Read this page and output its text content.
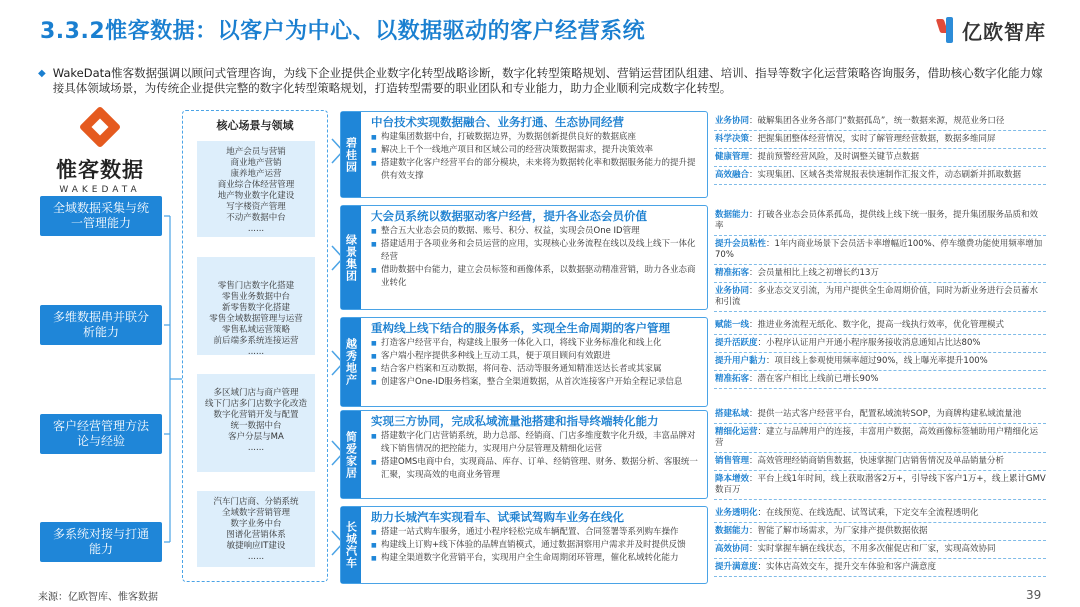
3.3.2惟客数据：以客户为中心、以数据驱动的客户经营系统	亿欧智库
◆ WakeData惟客数据强调以顾问式管理咨询，为线下企业提供企业数字化转型战略诊断，数字化转型策略规划、营销运营团队组建、培训、指导等数字化运营策略咨询服务，借助核心数字化能力嫁接具体领域场景，为传统企业提供完整的数字化转型策略规划，打造转型需要的职业团队和专业能力，助力企业顺利完成数字化转型。

惟客数据
WAKEDATA
全域数据采集与统一管理能力
多维数据串并联分析能力
客户经营管理方法论与经验
多系统对接与打通能力
核心场景与领域
地产会员与营销
商业地产营销
康养地产运营
商业综合体经营管理
地产物业数字化建设
写字楼资产管理
不动产数据中台
......
零售门店数字化搭建
零售业务数据中台
新零售数字化搭建
零售全域数据管理与运营
零售私域运营策略
前后端多系统连接运营
......
多区域门店与商户管理
线下门店多门店数字化改造
数字化营销开发与配置
统一数据中台
客户分层与MA
......
汽车门店商、分销系统
全域数字营销管理
数字业务中台
图谱化营销体系
敏捷响应IT建设
......
碧桂园
中台技术实现数据融合、业务打通、生态协同经营
■ 构建集团数据中台，打破数据边界，为数据创新提供良好的数据底座
■ 解决上千个一线地产项目和区域公司的经营决策数据需求，提升决策效率
■ 搭建数字化客户经营平台的部分模块，未来将为数据转化率和数据服务能力的提升提供有效支撑
绿景集团
大会员系统以数据驱动客户经营，提升各业态会员价值
■ 整合五大业态会员的数据、账号、积分、权益，实现会员One ID管理
■ 搭建适用于各项业务和会员运营的应用，实现核心业务流程在线以及线上线下一体化经营
■ 借助数据中台能力，建立会员标签和画像体系，以数据驱动精准营销，助力各业态商业转化
越秀地产
重构线上线下结合的服务体系，实现全生命周期的客户管理
■ 打造客户经营平台，构建线上服务一体化入口，将线下业务标准化和线上化
■ 客户端小程序提供多种线上互动工具，便于项目顾问有效跟进
■ 结合客户档案和互动数据，将问卷、活动等服务通知精准送达长者或其家属
■ 创建客户One-ID服务档案，整合全渠道数据，从首次连接客户开始全程记录信息
简爱家居
实现三方协同，完成私域流量池搭建和指导终端转化能力
■ 搭建数字化门店营销系统，助力总部、经销商、门店多维度数字化升级，丰富品牌对线下销售情况的把控能力，实现用户分层管理及精细化运营
■ 搭建OMS电商中台，实现商品、库存、订单、经销管理、财务、数据分析、客服统一汇聚，实现高效的电商业务管理
长城汽车
助力长城汽车实现看车、试乘试驾购车业务在线化
■ 搭建一站式购车服务，通过小程序轻松完成车辆配置、合同签署等系列购车操作
■ 构建线上订购+线下体验的品牌直销模式，通过数据洞察用户需求并及时提供反馈
■ 构建全渠道数字化营销平台，实现用户全生命周期闭环管理，催化私域转化能力
业务协同：破解集团各业务各部门“数据孤岛”，统一数据来源，规范业务口径
科学决策：把握集团整体经营情况，实时了解管理经营数据，数据多维同屏
健康管理：提前预警经营风险，及时调整关键节点数据
高效融合：实现集团、区域各类常规报表快速制作汇报文件，动态刷新并抓取数据
数据能力：打破各业态会员体系孤岛，提供线上线下统一服务，提升集团服务品质和效率
提升会员粘性：1年内商业场景下会员活卡率增幅近100%、停车缴费功能使用频率增加70%
精准拓客：会员量相比上线之初增长约13万
业务协同：多业态交叉引流，为用户提供全生命周期价值，同时为新业务进行会员蓄水和引流
赋能一线：推进业务流程无纸化、数字化，提高一线执行效率，优化管理模式
提升活跃度：小程序认证用户开通小程序服务接收消息通知占比达80%
提升用户黏力：项目线上参观使用频率超过90%，线上曝光率提升100%
精准拓客：潜在客户相比上线前已增长90%
搭建私域：提供一站式客户经营平台，配置私域流转SOP，为商牌构建私域流量池
精细化运营：建立与品牌用户的连接，丰富用户数据，高效画像标签辅助用户精细化运营
销售管理：高效管理经销商销售数据，快速掌握门店销售情况及单品销量分析
降本增效：平台上线1年时间，线上获取潜客2万+，引导线下客户1万+，线上累计GMV数百万
业务透明化：在线预览、在线选配、试驾试乘，下定交车全流程透明化
数据能力：智能了解市场需求，为厂家排产提供数据依据
高效协同：实时掌握车辆在线状态，不用多次催促店和厂家，实现高效协同
提升满意度：实体店高效交车，提升交车体验和客户满意度
来源：亿欧智库、惟客数据	39
